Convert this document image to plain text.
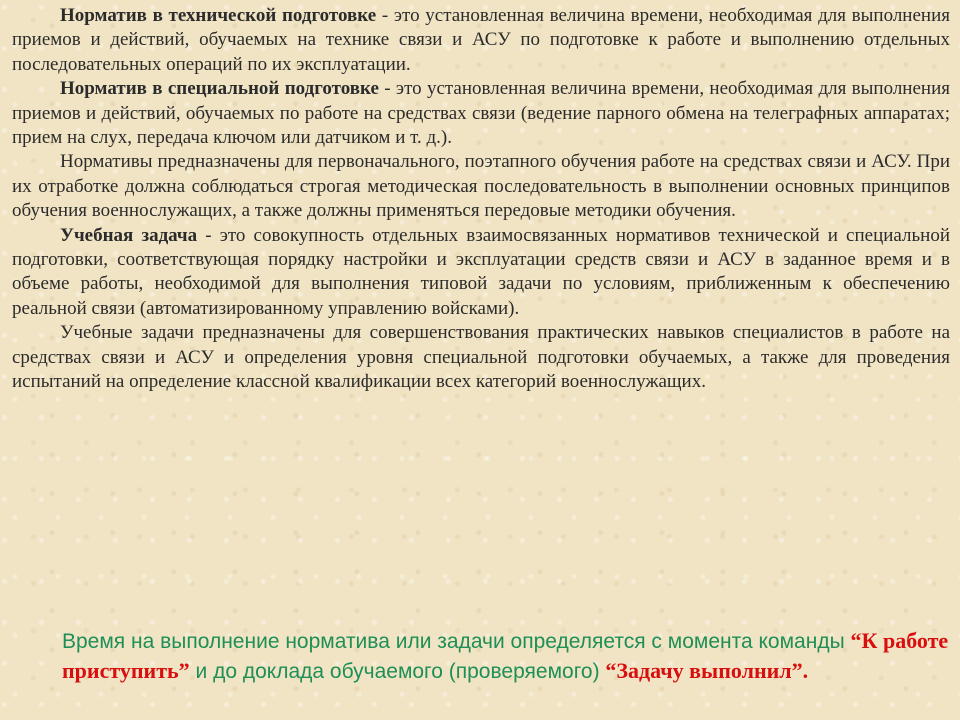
Норматив в технической подготовке - это установленная величина времени, необходимая для выполнения приемов и действий, обучаемых на технике связи и АСУ по подготовке к работе и выполнению отдельных последовательных операций по их эксплуатации.

Норматив в специальной подготовке - это установленная величина времени, необходимая для выполнения приемов и действий, обучаемых по работе на средствах связи (ведение парного обмена на телеграфных аппаратах; прием на слух, передача ключом или датчиком и т. д.).

Нормативы предназначены для первоначального, поэтапного обучения работе на средствах связи и АСУ. При их отработке должна соблюдаться строгая методическая последовательность в выполнении основных принципов обучения военнослужащих, а также должны применяться передовые методики обучения.

Учебная задача - это совокупность отдельных взаимосвязанных нормативов технической и специальной подготовки, соответствующая порядку настройки и эксплуатации средств связи и АСУ в заданное время и в объеме работы, необходимой для выполнения типовой задачи по условиям, приближенным к обеспечению реальной связи (автоматизированному управлению войсками).

Учебные задачи предназначены для совершенствования практических навыков специалистов в работе на средствах связи и АСУ и определения уровня специальной подготовки обучаемых, а также для проведения испытаний на определение классной квалификации всех категорий военнослужащих.

Время на выполнение норматива или задачи определяется с момента команды “К работе приступить” и до доклада обучаемого (проверяемого) “Задачу выполнил”.
